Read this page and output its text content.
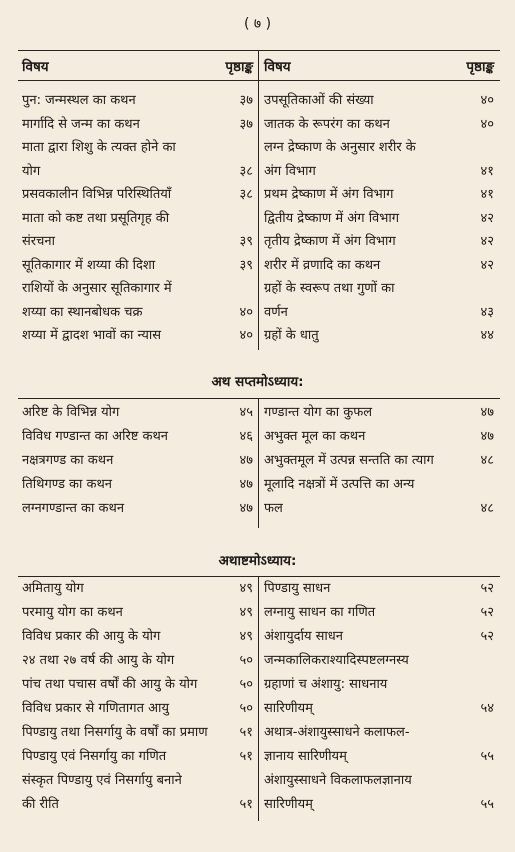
( ७ )
विषय	पृष्ठाङ्क विषय	पृष्ठाङ्क
पुन: जन्मस्थल का कथन	३७ उपसूतिकाओं की संख्या	४०
मार्गादि से जन्म का कथन	३७ जातक के रूपरंग का कथन	४०
माता द्वारा शिशु के त्यक्त होने का	लग्न द्रेष्काण के अनुसार शरीर के
योग	३८ अंग विभाग	४१
प्रसवकालीन विभिन्न परिस्थितियाँ	३८ प्रथम द्रेष्काण में अंग विभाग	४१
माता को कष्ट तथा प्रसूतिगृह की	द्वितीय द्रेष्काण में अंग विभाग	४२
संरचना	३९ तृतीय द्रेष्काण में अंग विभाग	४२
सूतिकागार में शय्या की दिशा	३९ शरीर में व्रणादि का कथन	४२
राशियों के अनुसार सूतिकागार में	ग्रहों के स्वरूप तथा गुणों का
शय्या का स्थानबोधक चक्र	४० वर्णन	४३
शय्या में द्वादश भावों का न्यास	४० ग्रहों के धातु	४४
अथ सप्तमोऽध्याय:
अरिष्ट के विभिन्न योग	४५ गण्डान्त योग का कुफल	४७
विविध गण्डान्त का अरिष्ट कथन	४६ अभुक्त मूल का कथन	४७
नक्षत्रगण्ड का कथन	४७ अभुक्तमूल में उत्पन्न सन्तति का त्याग	४८
तिथिगण्ड का कथन	४७ मूलादि नक्षत्रों में उत्पत्ति का अन्य
लग्नगण्डान्त का कथन	४७ फल	४८
अथाष्टमोऽध्याय:
अमितायु योग	४९ पिण्डायु साधन	५२
परमायु योग का कथन	४९ लग्नायु साधन का गणित	५२
विविध प्रकार की आयु के योग	४९ अंशायुर्दाय साधन	५२
२४ तथा २७ वर्ष की आयु के योग	५० जन्मकालिकराश्यादिस्पष्टलग्नस्य
पांच तथा पचास वर्षों की आयु के योग	५० ग्रहाणां च अंशायु: साधनाय
विविध प्रकार से गणितागत आयु	५० सारिणीयम्	५४
पिण्डायु तथा निसर्गायु के वर्षों का प्रमाण	५१ अथात्र-अंशायुस्साधने कलाफल-
पिण्डायु एवं निसर्गायु का गणित	५१ ज्ञानाय सारिणीयम्	५५
संस्कृत पिण्डायु एवं निसर्गायु बनाने	अंशायुस्साधने विकलाफलज्ञानाय
की रीति	५१ सारिणीयम्	५५
